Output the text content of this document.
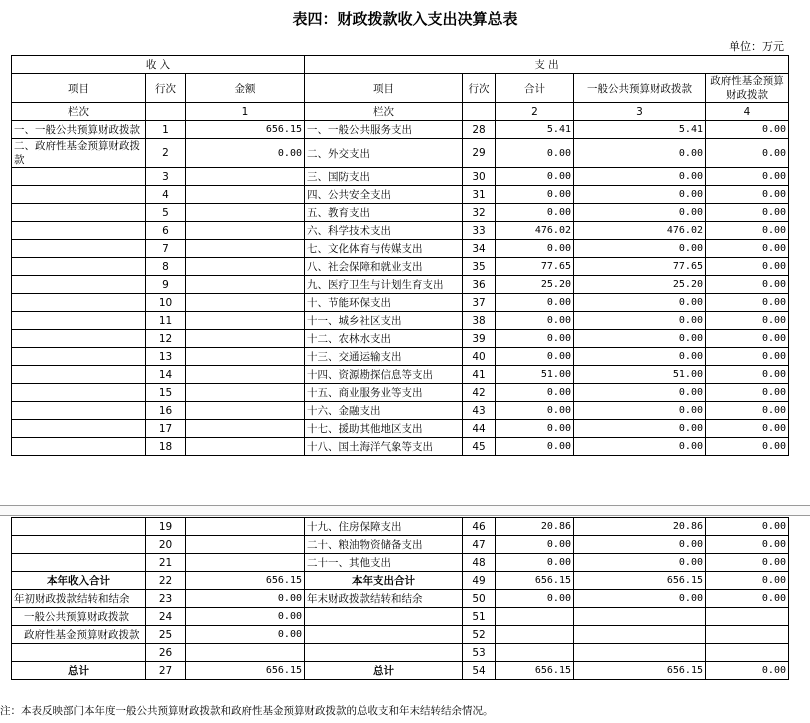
表四：财政拨款收入支出决算总表
单位：万元
收 入			支 出				
项目	行次	金额	项目	行次	合计	一般公共预算财政拨款	政府性基金预算财政拨款
栏次		1	栏次		2	3	4
一、一般公共预算财政拨款	1	656.15	一、一般公共服务支出	28	5.41	5.41	0.00
二、政府性基金预算财政拨款	2	0.00	二、外交支出	29	0.00	0.00	0.00
	3		三、国防支出	30	0.00	0.00	0.00
	4		四、公共安全支出	31	0.00	0.00	0.00
	5		五、教育支出	32	0.00	0.00	0.00
	6		六、科学技术支出	33	476.02	476.02	0.00
	7		七、文化体育与传媒支出	34	0.00	0.00	0.00
	8		八、社会保障和就业支出	35	77.65	77.65	0.00
	9		九、医疗卫生与计划生育支出	36	25.20	25.20	0.00
	10		十、节能环保支出	37	0.00	0.00	0.00
	11		十一、城乡社区支出	38	0.00	0.00	0.00
	12		十二、农林水支出	39	0.00	0.00	0.00
	13		十三、交通运输支出	40	0.00	0.00	0.00
	14		十四、资源勘探信息等支出	41	51.00	51.00	0.00
	15		十五、商业服务业等支出	42	0.00	0.00	0.00
	16		十六、金融支出	43	0.00	0.00	0.00
	17		十七、援助其他地区支出	44	0.00	0.00	0.00
	18		十八、国土海洋气象等支出	45	0.00	0.00	0.00
	19		十九、住房保障支出	46	20.86	20.86	0.00
	20		二十、粮油物资储备支出	47	0.00	0.00	0.00
	21		二十一、其他支出	48	0.00	0.00	0.00
本年收入合计	22	656.15	本年支出合计	49	656.15	656.15	0.00
年初财政拨款结转和结余	23	0.00	年末财政拨款结转和结余	50	0.00	0.00	0.00
一般公共预算财政拨款	24	0.00		51			
政府性基金预算财政拨款	25	0.00		52			
	26			53			
总计	27	656.15	总计	54	656.15	656.15	0.00
注：本表反映部门本年度一般公共预算财政拨款和政府性基金预算财政拨款的总收支和年末结转结余情况。
